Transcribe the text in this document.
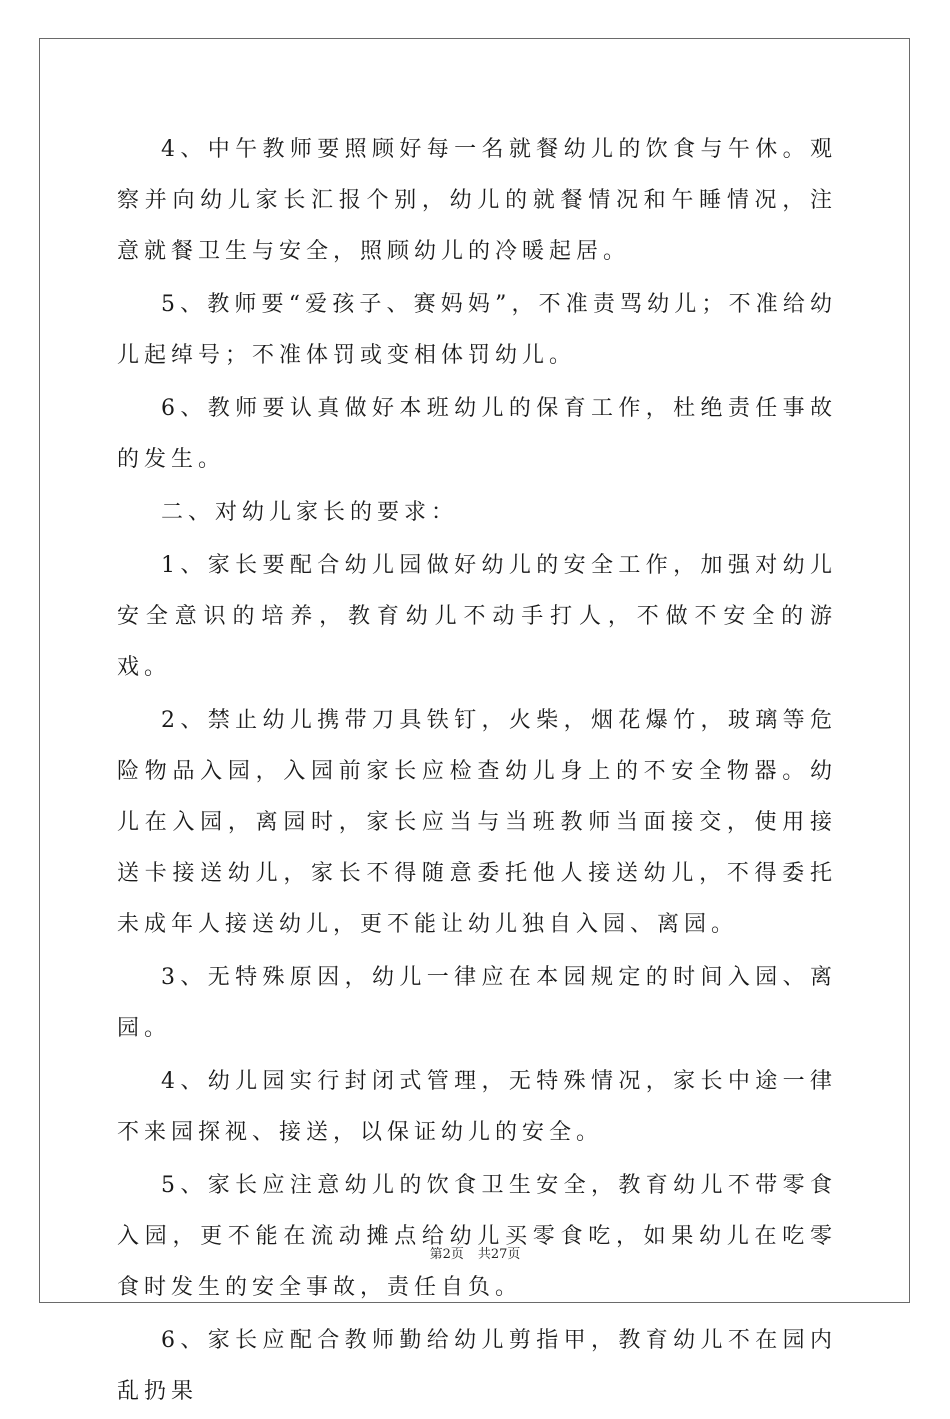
4、中午教师要照顾好每一名就餐幼儿的饮食与午休。观察并向幼儿家长汇报个别，幼儿的就餐情况和午睡情况，注意就餐卫生与安全，照顾幼儿的冷暖起居。

5、教师要“爱孩子、赛妈妈”，不准责骂幼儿；不准给幼儿起绰号；不准体罚或变相体罚幼儿。

6、教师要认真做好本班幼儿的保育工作，杜绝责任事故的发生。

二、对幼儿家长的要求：

1、家长要配合幼儿园做好幼儿的安全工作，加强对幼儿安全意识的培养，教育幼儿不动手打人，不做不安全的游戏。

2、禁止幼儿携带刀具铁钉，火柴，烟花爆竹，玻璃等危险物品入园，入园前家长应检查幼儿身上的不安全物器。幼儿在入园，离园时，家长应当与当班教师当面接交，使用接送卡接送幼儿，家长不得随意委托他人接送幼儿，不得委托未成年人接送幼儿，更不能让幼儿独自入园、离园。

3、无特殊原因，幼儿一律应在本园规定的时间入园、离园。

4、幼儿园实行封闭式管理，无特殊情况，家长中途一律不来园探视、接送，以保证幼儿的安全。

5、家长应注意幼儿的饮食卫生安全，教育幼儿不带零食入园，更不能在流动摊点给幼儿买零食吃，如果幼儿在吃零食时发生的安全事故，责任自负。

6、家长应配合教师勤给幼儿剪指甲，教育幼儿不在园内乱扔果

第2页 共27页
